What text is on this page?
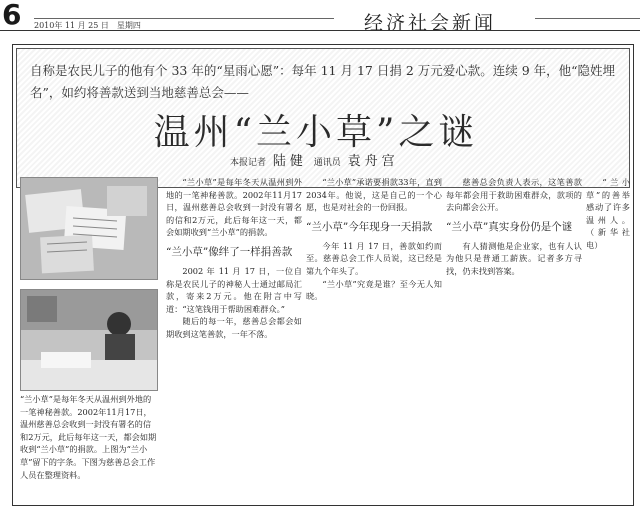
6 2010年 11 月 25 日　星期四	经济社会新闻
自称是农民儿子的他有个 33 年的“星雨心愿”：每年 11 月 17 日捐 2 万元爱心款。连续 9 年，他“隐姓埋名”，如约将善款送到当地慈善总会——
温州“兰小草”之谜
本报记者 陆健 通讯员 袁舟宫
“兰小草”是每年冬天从温州到外地的一笔神秘善款。2002年11月17日，温州慈善总会收到一封没有署名的信和2万元，此后每年这一天，都会如期收到“兰小草”的捐款。上图为“兰小草”留下的字条。下图为慈善总会工作人员在整理资料。

“兰小草”是每年冬天从温州到外地的一笔神秘善款。2002年11月17日，温州慈善总会收到一封没有署名的信和2万元，此后每年这一天，都会如期收到“兰小草”的捐款。

“兰小草”像绊了一样捐善款

2002 年 11 月 17 日，一位自称是农民儿子的神秘人士通过邮局汇款，寄来2万元。他在附言中写道：“这笔钱用于帮助困难群众。”

随后的每一年，慈善总会都会如期收到这笔善款，一年不落。

“兰小草”承诺要捐款33年，直到2034年。他说，这是自己的一个心愿，也是对社会的一份回报。

“兰小草”今年现身一天捐款

今年 11 月 17 日，善款如约而至。慈善总会工作人员说，这已经是第九个年头了。

“兰小草”究竟是谁？至今无人知晓。

慈善总会负责人表示，这笔善款每年都会用于救助困难群众，款项的去向都会公开。

“兰小草”真实身份仍是个谜

有人猜测他是企业家，也有人认为他只是普通工薪族。记者多方寻找，仍未找到答案。

“兰小草”的善举感动了许多温州人。（新华社电）
